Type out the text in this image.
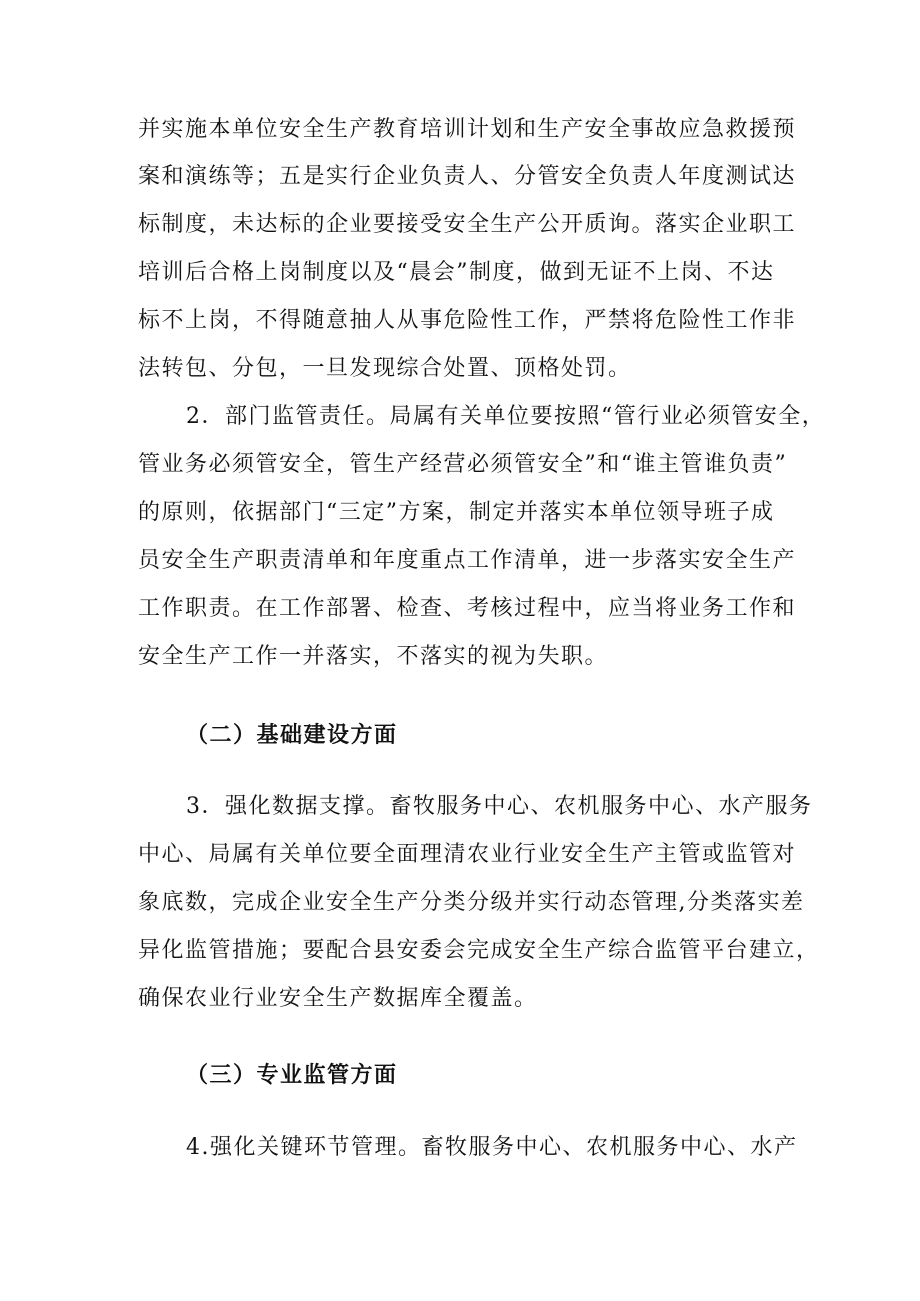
并实施本单位安全生产教育培训计划和生产安全事故应急救援预
案和演练等；五是实行企业负责人、分管安全负责人年度测试达
标制度，未达标的企业要接受安全生产公开质询。落实企业职工
培训后合格上岗制度以及“晨会”制度，做到无证不上岗、不达
标不上岗，不得随意抽人从事危险性工作，严禁将危险性工作非
法转包、分包，一旦发现综合处置、顶格处罚。
2．部门监管责任。局属有关单位要按照“管行业必须管安全，
管业务必须管安全，管生产经营必须管安全”和“谁主管谁负责”
的原则，依据部门“三定”方案，制定并落实本单位领导班子成
员安全生产职责清单和年度重点工作清单，进一步落实安全生产
工作职责。在工作部署、检查、考核过程中，应当将业务工作和
安全生产工作一并落实，不落实的视为失职。
（二）基础建设方面
3．强化数据支撑。畜牧服务中心、农机服务中心、水产服务
中心、局属有关单位要全面理清农业行业安全生产主管或监管对
象底数，完成企业安全生产分类分级并实行动态管理,分类落实差
异化监管措施；要配合县安委会完成安全生产综合监管平台建立，
确保农业行业安全生产数据库全覆盖。
（三）专业监管方面
4.强化关键环节管理。畜牧服务中心、农机服务中心、水产
